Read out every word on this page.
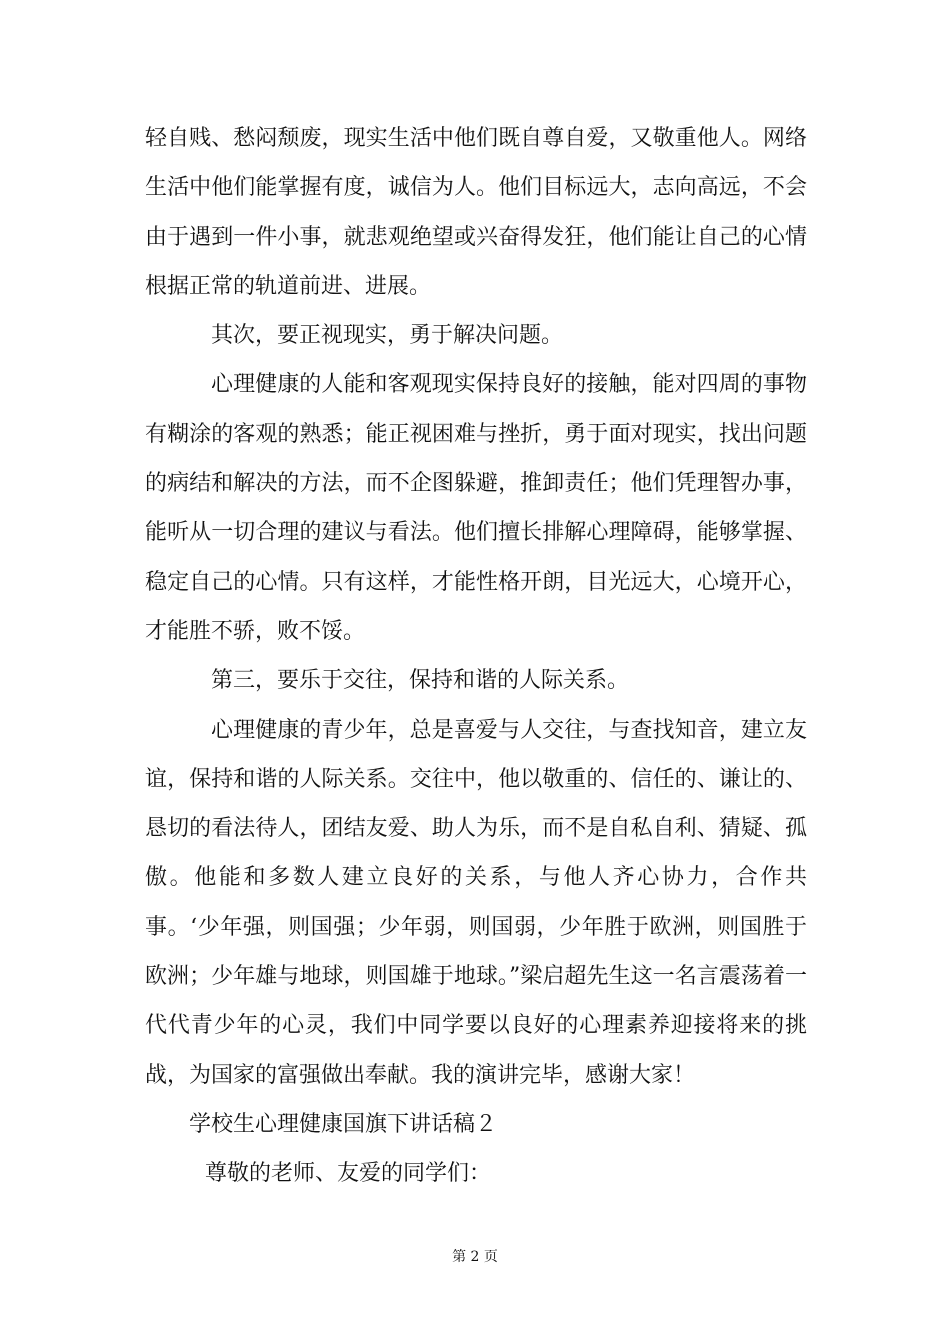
轻自贱、愁闷颓废，现实生活中他们既自尊自爱，又敬重他人。网络生活中他们能掌握有度，诚信为人。他们目标远大，志向高远，不会由于遇到一件小事，就悲观绝望或兴奋得发狂，他们能让自己的心情根据正常的轨道前进、进展。

其次，要正视现实，勇于解决问题。

心理健康的人能和客观现实保持良好的接触，能对四周的事物有糊涂的客观的熟悉；能正视困难与挫折，勇于面对现实，找出问题的病结和解决的方法，而不企图躲避，推卸责任；他们凭理智办事，能听从一切合理的建议与看法。他们擅长排解心理障碍，能够掌握、稳定自己的心情。只有这样，才能性格开朗，目光远大，心境开心，才能胜不骄，败不馁。

第三，要乐于交往，保持和谐的人际关系。

心理健康的青少年，总是喜爱与人交往，与查找知音，建立友谊，保持和谐的人际关系。交往中，他以敬重的、信任的、谦让的、恳切的看法待人，团结友爱、助人为乐，而不是自私自利、猜疑、孤傲。他能和多数人建立良好的关系，与他人齐心协力，合作共事。‘少年强，则国强；少年弱，则国弱，少年胜于欧洲，则国胜于欧洲；少年雄与地球，则国雄于地球。”梁启超先生这一名言震荡着一代代青少年的心灵，我们中同学要以良好的心理素养迎接将来的挑战，为国家的富强做出奉献。我的演讲完毕，感谢大家！

学校生心理健康国旗下讲话稿２

尊敬的老师、友爱的同学们：

第 2 页
